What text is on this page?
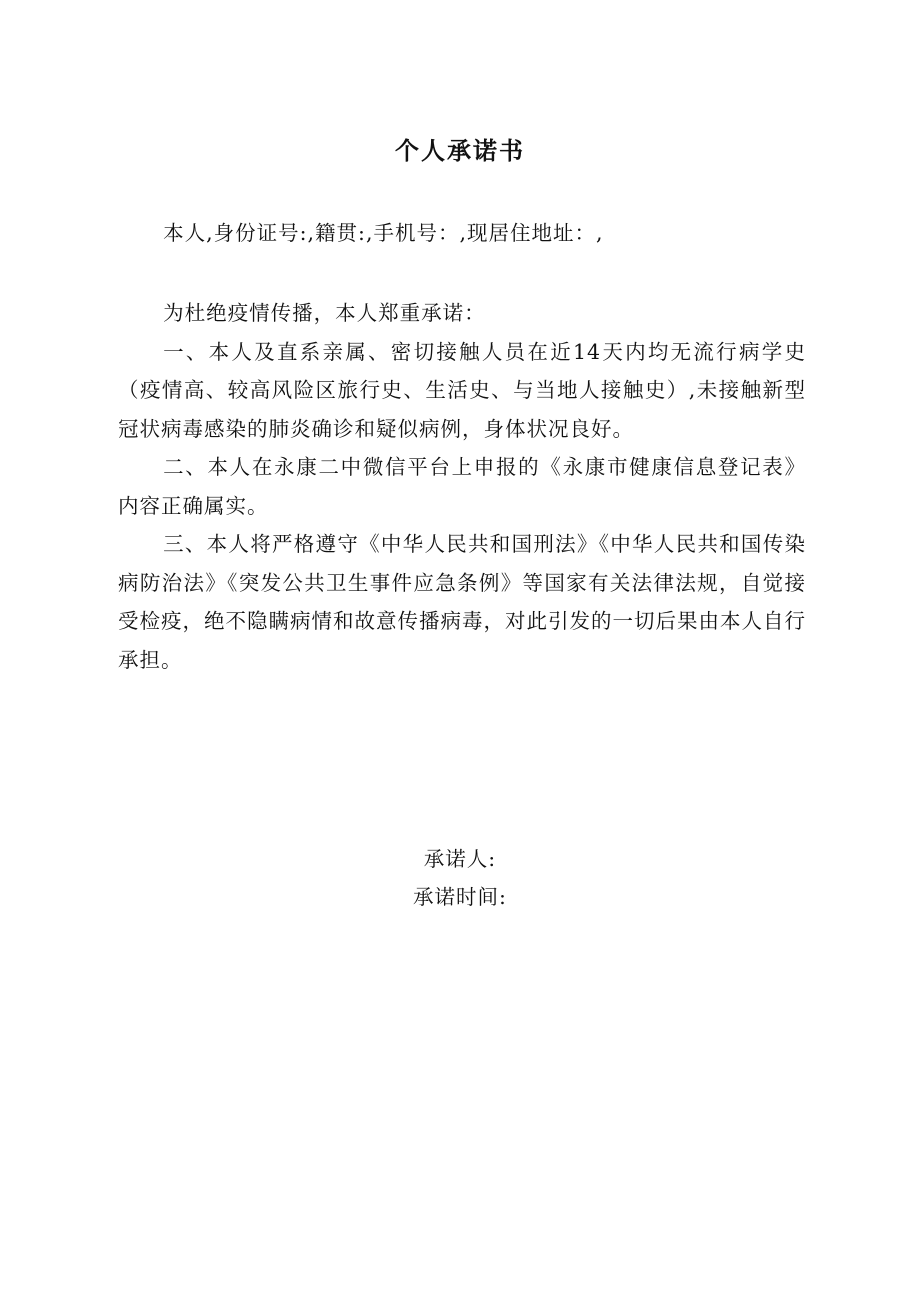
个人承诺书

本人,身份证号:,籍贯:,手机号：,现居住地址：,

为杜绝疫情传播，本人郑重承诺：

一、本人及直系亲属、密切接触人员在近14天内均无流行病学史（疫情高、较高风险区旅行史、生活史、与当地人接触史）,未接触新型冠状病毒感染的肺炎确诊和疑似病例，身体状况良好。

二、本人在永康二中微信平台上申报的《永康市健康信息登记表》内容正确属实。

三、本人将严格遵守《中华人民共和国刑法》《中华人民共和国传染病防治法》《突发公共卫生事件应急条例》等国家有关法律法规，自觉接受检疫，绝不隐瞒病情和故意传播病毒，对此引发的一切后果由本人自行承担。

承诺人:
承诺时间:
